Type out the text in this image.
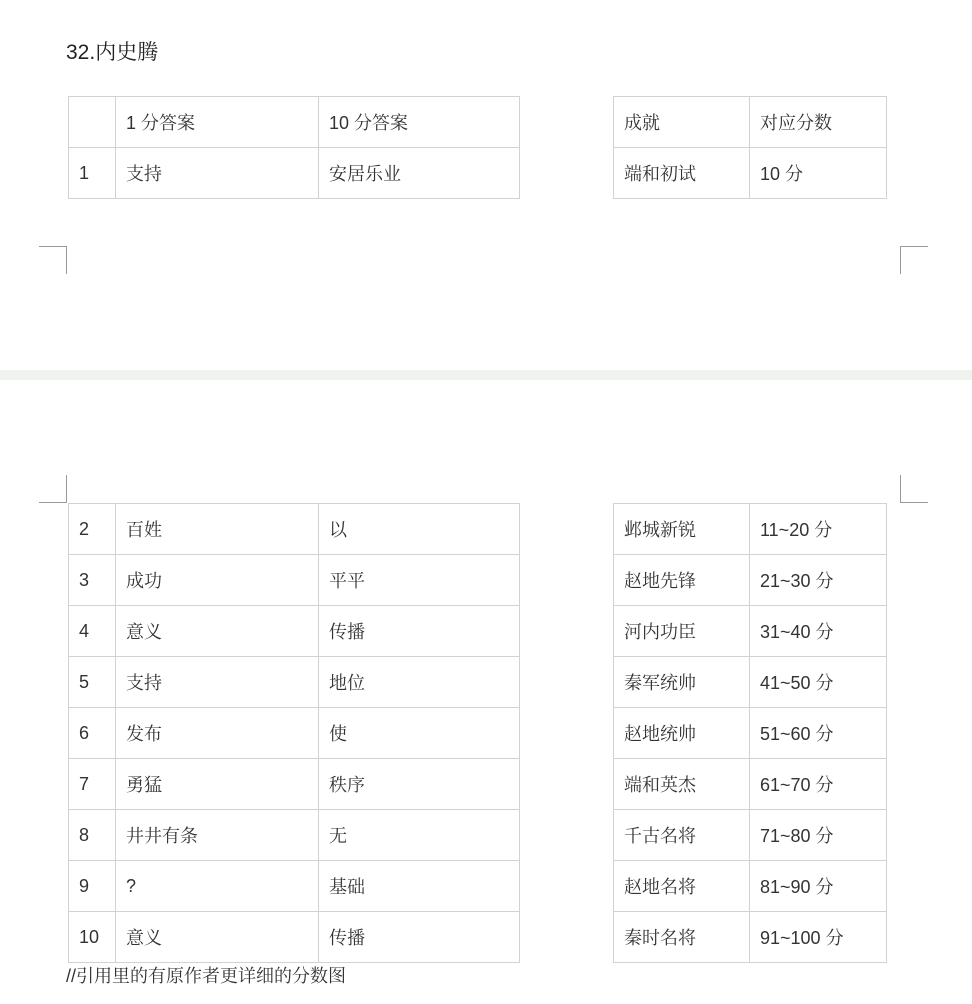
32.内史腾
	1 分答案	10 分答案
1	支持	安居乐业
成就	对应分数
端和初试	10 分
2	百姓	以
3	成功	平平
4	意义	传播
5	支持	地位
6	发布	使
7	勇猛	秩序
8	井井有条	无
9	?	基础
10	意义	传播
邺城新锐	11~20 分
赵地先锋	21~30 分
河内功臣	31~40 分
秦军统帅	41~50 分
赵地统帅	51~60 分
端和英杰	61~70 分
千古名将	71~80 分
赵地名将	81~90 分
秦时名将	91~100 分
//引用里的有原作者更详细的分数图
